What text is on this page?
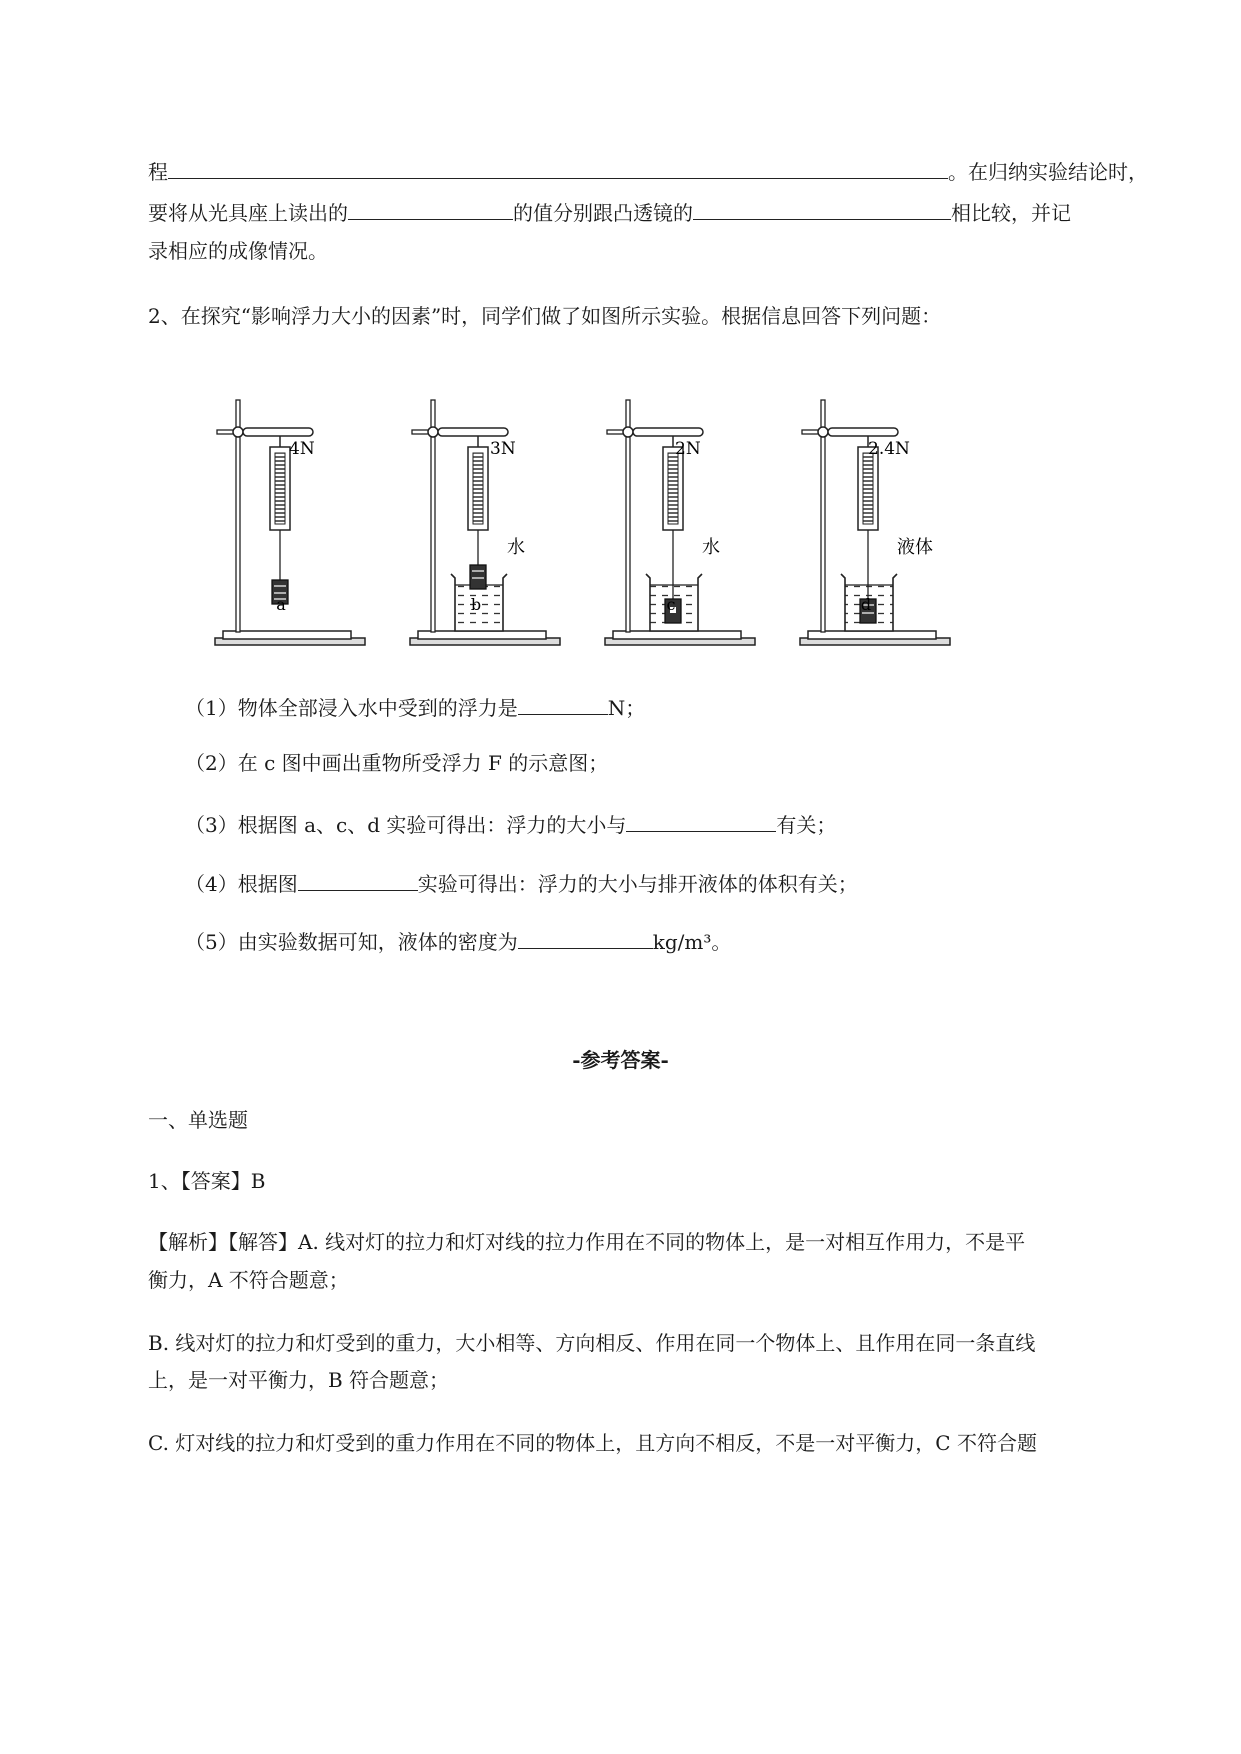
程	。在归纳实验结论时，
要将从光具座上读出的	的值分别跟凸透镜的	相比较，并记
录相应的成像情况。
2、在探究“影响浮力大小的因素”时，同学们做了如图所示实验。根据信息回答下列问题：
4N	3N	2N	2.4N
水	水	液体
a	b	c	d
（1）物体全部浸入水中受到的浮力是	N；
（2）在 c 图中画出重物所受浮力 F 的示意图；
（3）根据图 a、c、d 实验可得出：浮力的大小与	有关；
（4）根据图	实验可得出：浮力的大小与排开液体的体积有关；
（5）由实验数据可知，液体的密度为	kg/m³。
-参考答案-
一、单选题
1、【答案】B
【解析】【解答】A. 线对灯的拉力和灯对线的拉力作用在不同的物体上，是一对相互作用力，不是平
衡力，A 不符合题意；
B. 线对灯的拉力和灯受到的重力，大小相等、方向相反、作用在同一个物体上、且作用在同一条直线
上，是一对平衡力，B 符合题意；
C. 灯对线的拉力和灯受到的重力作用在不同的物体上，且方向不相反，不是一对平衡力，C 不符合题
